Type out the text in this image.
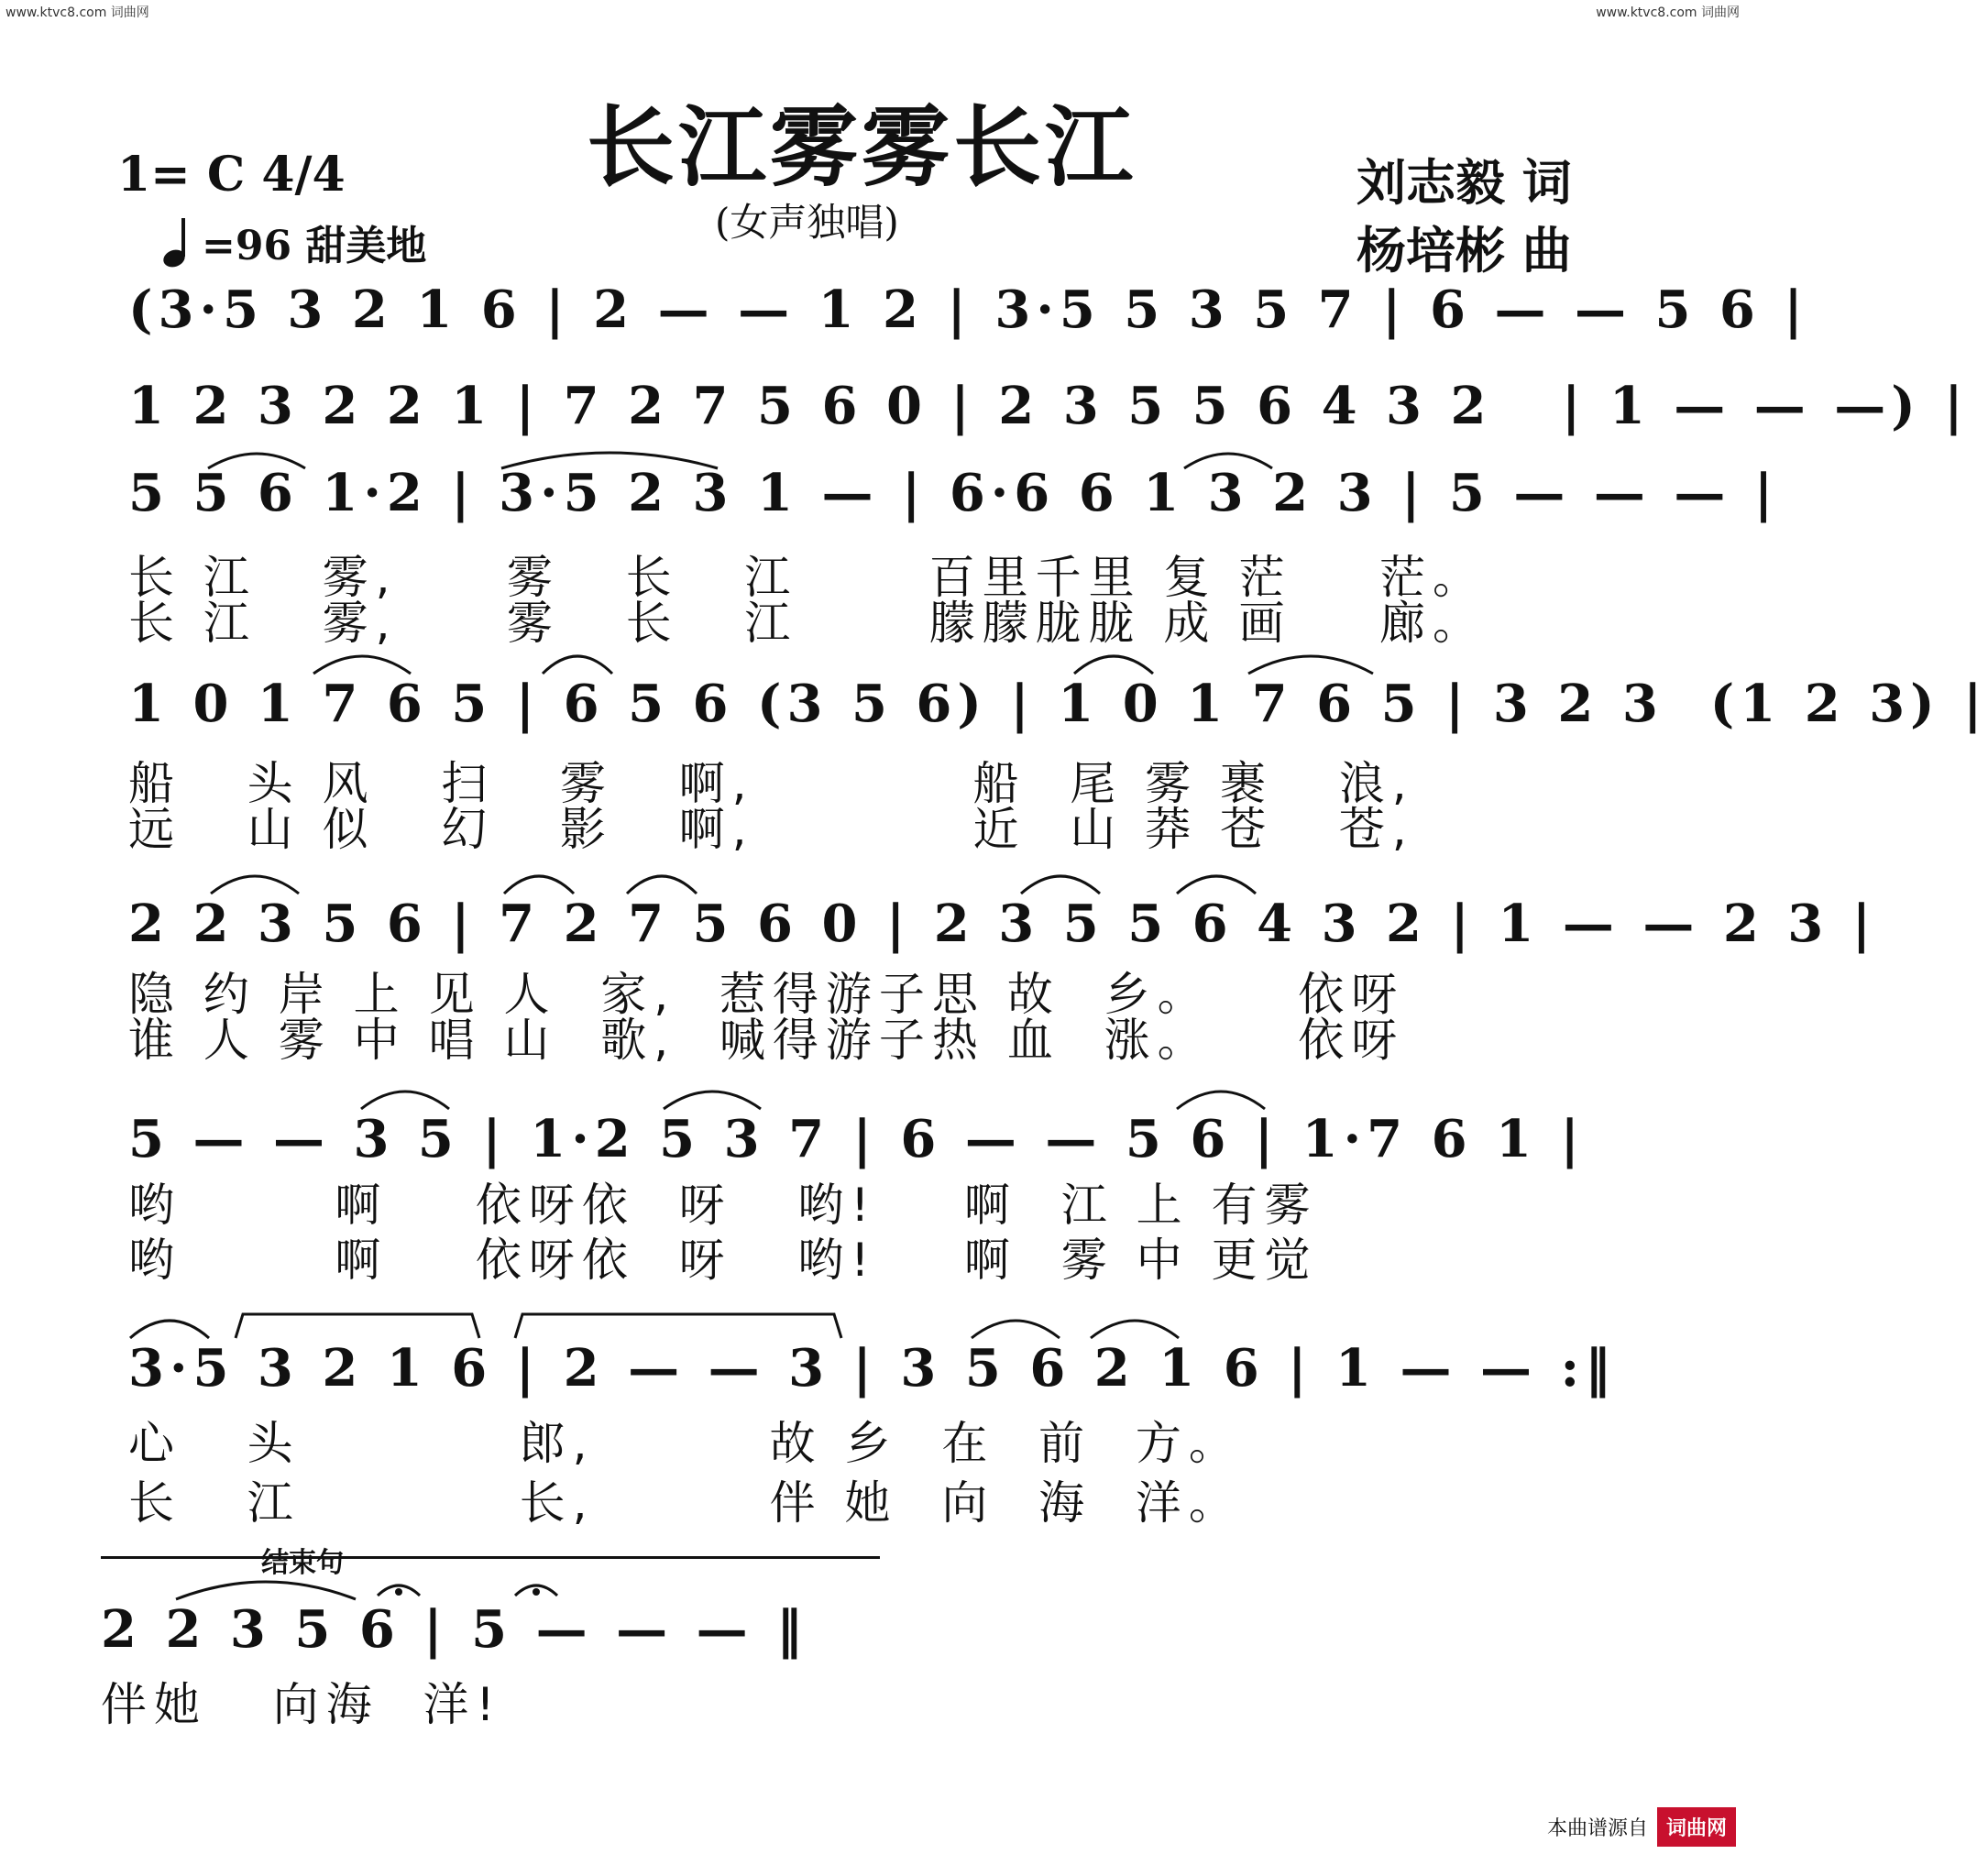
www.ktvc8.com 词曲网	www.ktvc8.com 词曲网
长江雾雾长江
(女声独唱)
1= C 4/4
=96 甜美地
刘志毅 词
杨培彬 曲
(3·5 3 2 1 6 | 2 — — 1 2 | 3·5 5 3 5 7 | 6 — — 5 6 |
1 2 3 2 2 1 | 7 2 7 5 6 0 | 2 3 5 5 6 4 3 2   | 1 — — —) |
5 5 6 1·2 | 3·5 2 3 1 — | 6·6 6 1 3 2 3 | 5 — — — |
长 江   雾,     雾   长   江      百里千里 复 茫    茫。
长 江   雾,     雾   长   江      朦朦胧胧 成 画    廊。
1 0 1 7 6 5 | 6 5 6 (3 5 6) | 1 0 1 7 6 5 | 3 2 3  (1 2 3) |
船   头 风   扫   雾   啊,          船  尾 雾 裹   浪,
远   山 似   幻   影   啊,          近  山 莽 苍   苍,
2 2 3 5 6 | 7 2 7 5 6 0 | 2 3 5 5 6 4 3 2 | 1 — — 2 3 |
隐 约 岸 上 见 人  家,  惹得游子思 故  乡。    依呀
谁 人 雾 中 唱 山  歌,  喊得游子热 血  涨。    依呀
5 — — 3 5 | 1·2 5 3 7 | 6 — — 5 6 | 1·7 6 1 |
哟       啊    依呀依  呀   哟!    啊  江 上 有雾
哟       啊    依呀依  呀   哟!    啊  雾 中 更觉
3·5 3 2 1 6 | 2 — — 3 | 3 5 6 2 1 6 | 1 — — :‖
心   头          郎,        故 乡  在  前  方。
长   江          长,        伴 她  向  海  洋。
结束句
2 2 3 5 6 | 5 — — — ‖
伴她   向海  洋!
本曲谱源自 词曲网
